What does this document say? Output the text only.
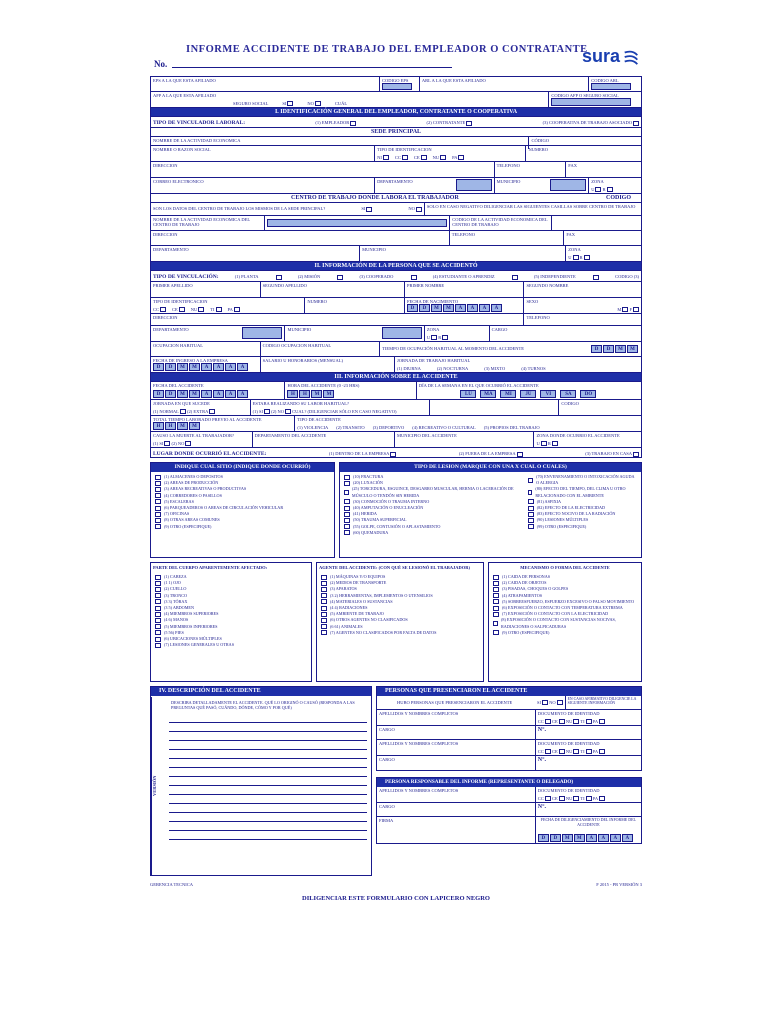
INFORME ACCIDENTE DE TRABAJO DEL EMPLEADOR O CONTRATANTE
No.	sura
EPS A LA QUE ESTA AFILIADO	CODIGO EPS	ARL A LA QUE ESTA AFILIADO	CODIGO ARL
AFP A LA QUE ESTA AFILIADO
SEGURO SOCIAL	SI	NO	CUÁL
CODIGO AFP O SEGURO SOCIAL
I. IDENTIFICACIÓN GENERAL DEL EMPLEADOR, CONTRATANTE O COOPERATIVA
TIPO DE VINCULADOR LABORAL:	(1) EMPLEADOR	(2) CONTRATANTE	(3) COOPERATIVA DE TRABAJO ASOCIADO
SEDE PRINCIPAL
NOMBRE DE LA ACTIVIDAD ECONOMICA	CÓDIGO
NOMBRE O RAZON SOCIAL	TIPO DE IDENTIFICACION
NI	CC	CE	NU	PA
NUMERO
DIRECCION	TELEFONO	FAX
CORREO ELECTRONICO	DEPARTAMENTO	MUNICIPIO	ZONA
U R
CENTRO DE TRABAJO DONDE LABORA EL TRABAJADOR	CODIGO
SON LOS DATOS DEL CENTRO DE TRABAJO LOS MISMOS DE LA SEDE PRINCIPAL?	SI	NO	SOLO EN CASO NEGATIVO DILIGENCIAR LAS SIGUIENTES CASILLAS SOBRE CENTRO DE TRABAJO
NOMBRE DE LA ACTIVIDAD ECONOMICA DEL CENTRO DE TRABAJO
CODIGO DE LA ACTIVIDAD ECONOMICA DEL CENTRO DE TRABAJO
DIRECCION	TELEFONO	FAX
DEPARTAMENTO	MUNICIPIO	ZONA
U R
II. INFORMACIÓN DE LA PERSONA QUE SE ACCIDENTÓ
TIPO DE VINCULACIÓN:	(1) PLANTA	(2) MISIÓN	(3) COOPERADO	(4) ESTUDIANTE O APRENDIZ	(5) INDEPENDIENTE	CODIGO (3)
PRIMER APELLIDO	SEGUNDO APELLIDO	PRIMER NOMBRE	SEGUNDO NOMBRE
TIPO DE IDENTIFICACION
CC	CE	NU	TI	PA
NUMERO	FECHA DE NACIMIENTO
D D M M A A A A
SEXO
M F
DIRECCION	TELEFONO
DEPARTAMENTO	MUNICIPIO	ZONA
U R
CARGO
OCUPACION HABITUAL	CODIGO OCUPACION HABITUAL
TIEMPO DE OCUPACIÓN HABITUAL AL MOMENTO DEL ACCIDENTE	D D M M
FECHA DE INGRESO A LA EMPRESA
D D M M A A A A
SALARIO U HONORARIOS (MENSUAL)	JORNADA DE TRABAJO HABITUAL
(1) DIURNA	(2) NOCTURNA	(3) MIXTO	(4) TURNOS
III. INFORMACIÓN SOBRE EL ACCIDENTE
FECHA DEL ACCIDENTE
D D M M A A A A
HORA DEL ACCIDENTE (0 -23 HRS)
H H M M
DÍA DE LA SEMANA EN EL QUE OCURRIÓ EL ACCIDENTE
LU	MA	MI	JU	VI	SA	DO
JORNADA EN QUE SUCEDE
(1) NORMAL (2) EXTRA
ESTABA REALIZANDO SU LABOR HABITUAL?
(1) SI (2) NO CUAL? (DILIGENCIAR SÓLO EN CASO NEGATIVO)
CODIGO
TOTAL TIEMPO LABORADO PREVIO AL ACCIDENTE
H H M M
TIPO DE ACCIDENTE
(1) VIOLENCIA (2) TRANSITO (3) DEPORTIVO (4) RECREATIVO O CULTURAL (5) PROPIOS DEL TRABAJO
CAUSO LA MUERTE AL TRABAJADOR?
(1) SI (2) NO
DEPARTAMENTO DEL ACCIDENTE	MUNICIPIO DEL ACCIDENTE	ZONA DONDE OCURRIO EL ACCIDENTE
U R
LUGAR DONDE OCURRIÓ EL ACCIDENTE:	(1) DENTRO DE LA EMPRESA	(2) FUERA DE LA EMPRESA	(3) TRABAJO EN CASA
INDIQUE CUAL SITIO (INDIQUE DONDE OCURRIÓ)
(1) ALMACENES O DEPOSITOS
(2) AREAS DE PRODUCCIÓN
(3) AREAS RECREATIVAS O PRODUCTIVAS
(4) CORREDORES O PASILLOS
(5) ESCALERAS
(6) PARQUEADEROS O AREAS DE CIRCULACIÓN VEHICULAR
(7) OFICINAS
(8) OTRAS AREAS COMUNES
(9) OTRO (ESPECIFIQUE)
TIPO DE LESION (MARQUE CON UNA X CUAL O CUALES)
(10) FRACTURA
(20) LUXACIÓN
(25) TORCEDURA, ESGUINCE, DESGARRO MUSCULAR, HERNIA O LACERACIÓN DE MÚSCULO O TENDÓN SIN HERIDA
(30) CONMOCIÓN O TRAUMA INTERNO
(40) AMPUTACIÓN O ENUCLEACIÓN
(41) HERIDA
(50) TRAUMA SUPERFICIAL
(55) GOLPE, CONTUSIÓN O APLASTAMIENTO
(60) QUEMADURA
(70) ENVENENAMIENTO O INTOXICACIÓN AGUDA O ALERGIA
(80) EFECTO DEL TIEMPO, DEL CLIMA U OTRO RELACIONADO CON EL AMBIENTE
(81) ASFIXIA
(82) EFECTO DE LA ELECTRICIDAD
(83) EFECTO NOCIVO DE LA RADIACIÓN
(90) LESIONES MÚLTIPLES
(99) OTRO (ESPECIFIQUE)
PARTE DEL CUERPO APARENTEMENTE AFECTADO:
(1) CABEZA
(1 1) OJO
(2) CUELLO
(3) TRONCO
(3 3) TÓRAX
(3 5) ABDOMEN
(4) MIEMBROS SUPERIORES
(4 6) MANOS
(5) MIEMBROS INFERIORES
(5 56) PIES
(6) UBICACIONES MÚLTIPLES
(7) LESIONES GENERALES U OTRAS
AGENTE DEL ACCIDENTE: (CON QUÉ SE LESIONÓ EL TRABAJADOR)
(1) MÁQUINAS Y/O EQUIPOS
(2) MEDIOS DE TRANSPORTE
(3) APARATOS
(3 2) HERRAMIENTAS, IMPLEMENTOS O UTENSILIOS
(4) MATERIALES O SUSTANCIAS
(4 4) RADIACIONES
(5) AMBIENTE DE TRABAJO
(6) OTROS AGENTES NO CLASIFICADOS
(6 61) ANIMALES
(7) AGENTES NO CLASIFICADOS POR FALTA DE DATOS
MECANISMO O FORMA DEL ACCIDENTE
(1) CAIDA DE PERSONAS
(2) CAIDA DE OBJETOS
(3) PISADAS, CHOQUES O GOLPES
(4) ATRAPAMIENTOS
(5) SOBREESFUERZO, ESFUERZO EXCESIVO O FALSO MOVIMIENTO
(6) EXPOSICIÓN O CONTACTO CON TEMPERATURA EXTREMA
(7) EXPOSICIÓN O CONTACTO CON LA ELECTRICIDAD
(8) EXPOSICIÓN O CONTACTO CON SUSTANCIAS NOCIVAS, RADIACIONES O SALPICADURAS
(9) OTRO (ESPECIFIQUE)
IV. DESCRIPCIÓN DEL ACCIDENTE
DESCRIBA DETALLADAMENTE EL ACCIDENTE. QUÉ LO ORIGINÓ O CAUSÓ (RESPONDA A LAS PREGUNTAS QUÉ PASÓ, CUÁNDO, DÓNDE, CÓMO Y POR QUÉ)
VERSIÓN
PERSONAS QUE PRESENCIARON EL ACCIDENTE
HUBO PERSONAS QUE PRESENCIARON EL ACCIDENTE	SI NO
EN CASO AFIRMATIVO DILIGENCIE LA SIGUIENTE INFORMACIÓN
APELLIDOS Y NOMBRES COMPLETOS	DOCUMENTO DE IDENTIDAD
CC CE NU TI PA
CARGO	N°.
APELLIDOS Y NOMBRES COMPLETOS	DOCUMENTO DE IDENTIDAD
CC CE NU TI PA
CARGO	N°.
PERSONA RESPONSABLE DEL INFORME (REPRESENTANTE O DELEGADO)
APELLIDOS Y NOMBRES COMPLETOS	DOCUMENTO DE IDENTIDAD
CC CE NU TI PA
CARGO	N°.
FIRMA	FECHA DE DILIGENCIAMIENTO DEL INFORME DEL ACCIDENTE
D D M M A A A A
GERENCIA TECNICA	F 2015 - PR VERSIÓN 3
DILIGENCIAR ESTE FORMULARIO CON LAPICERO NEGRO
